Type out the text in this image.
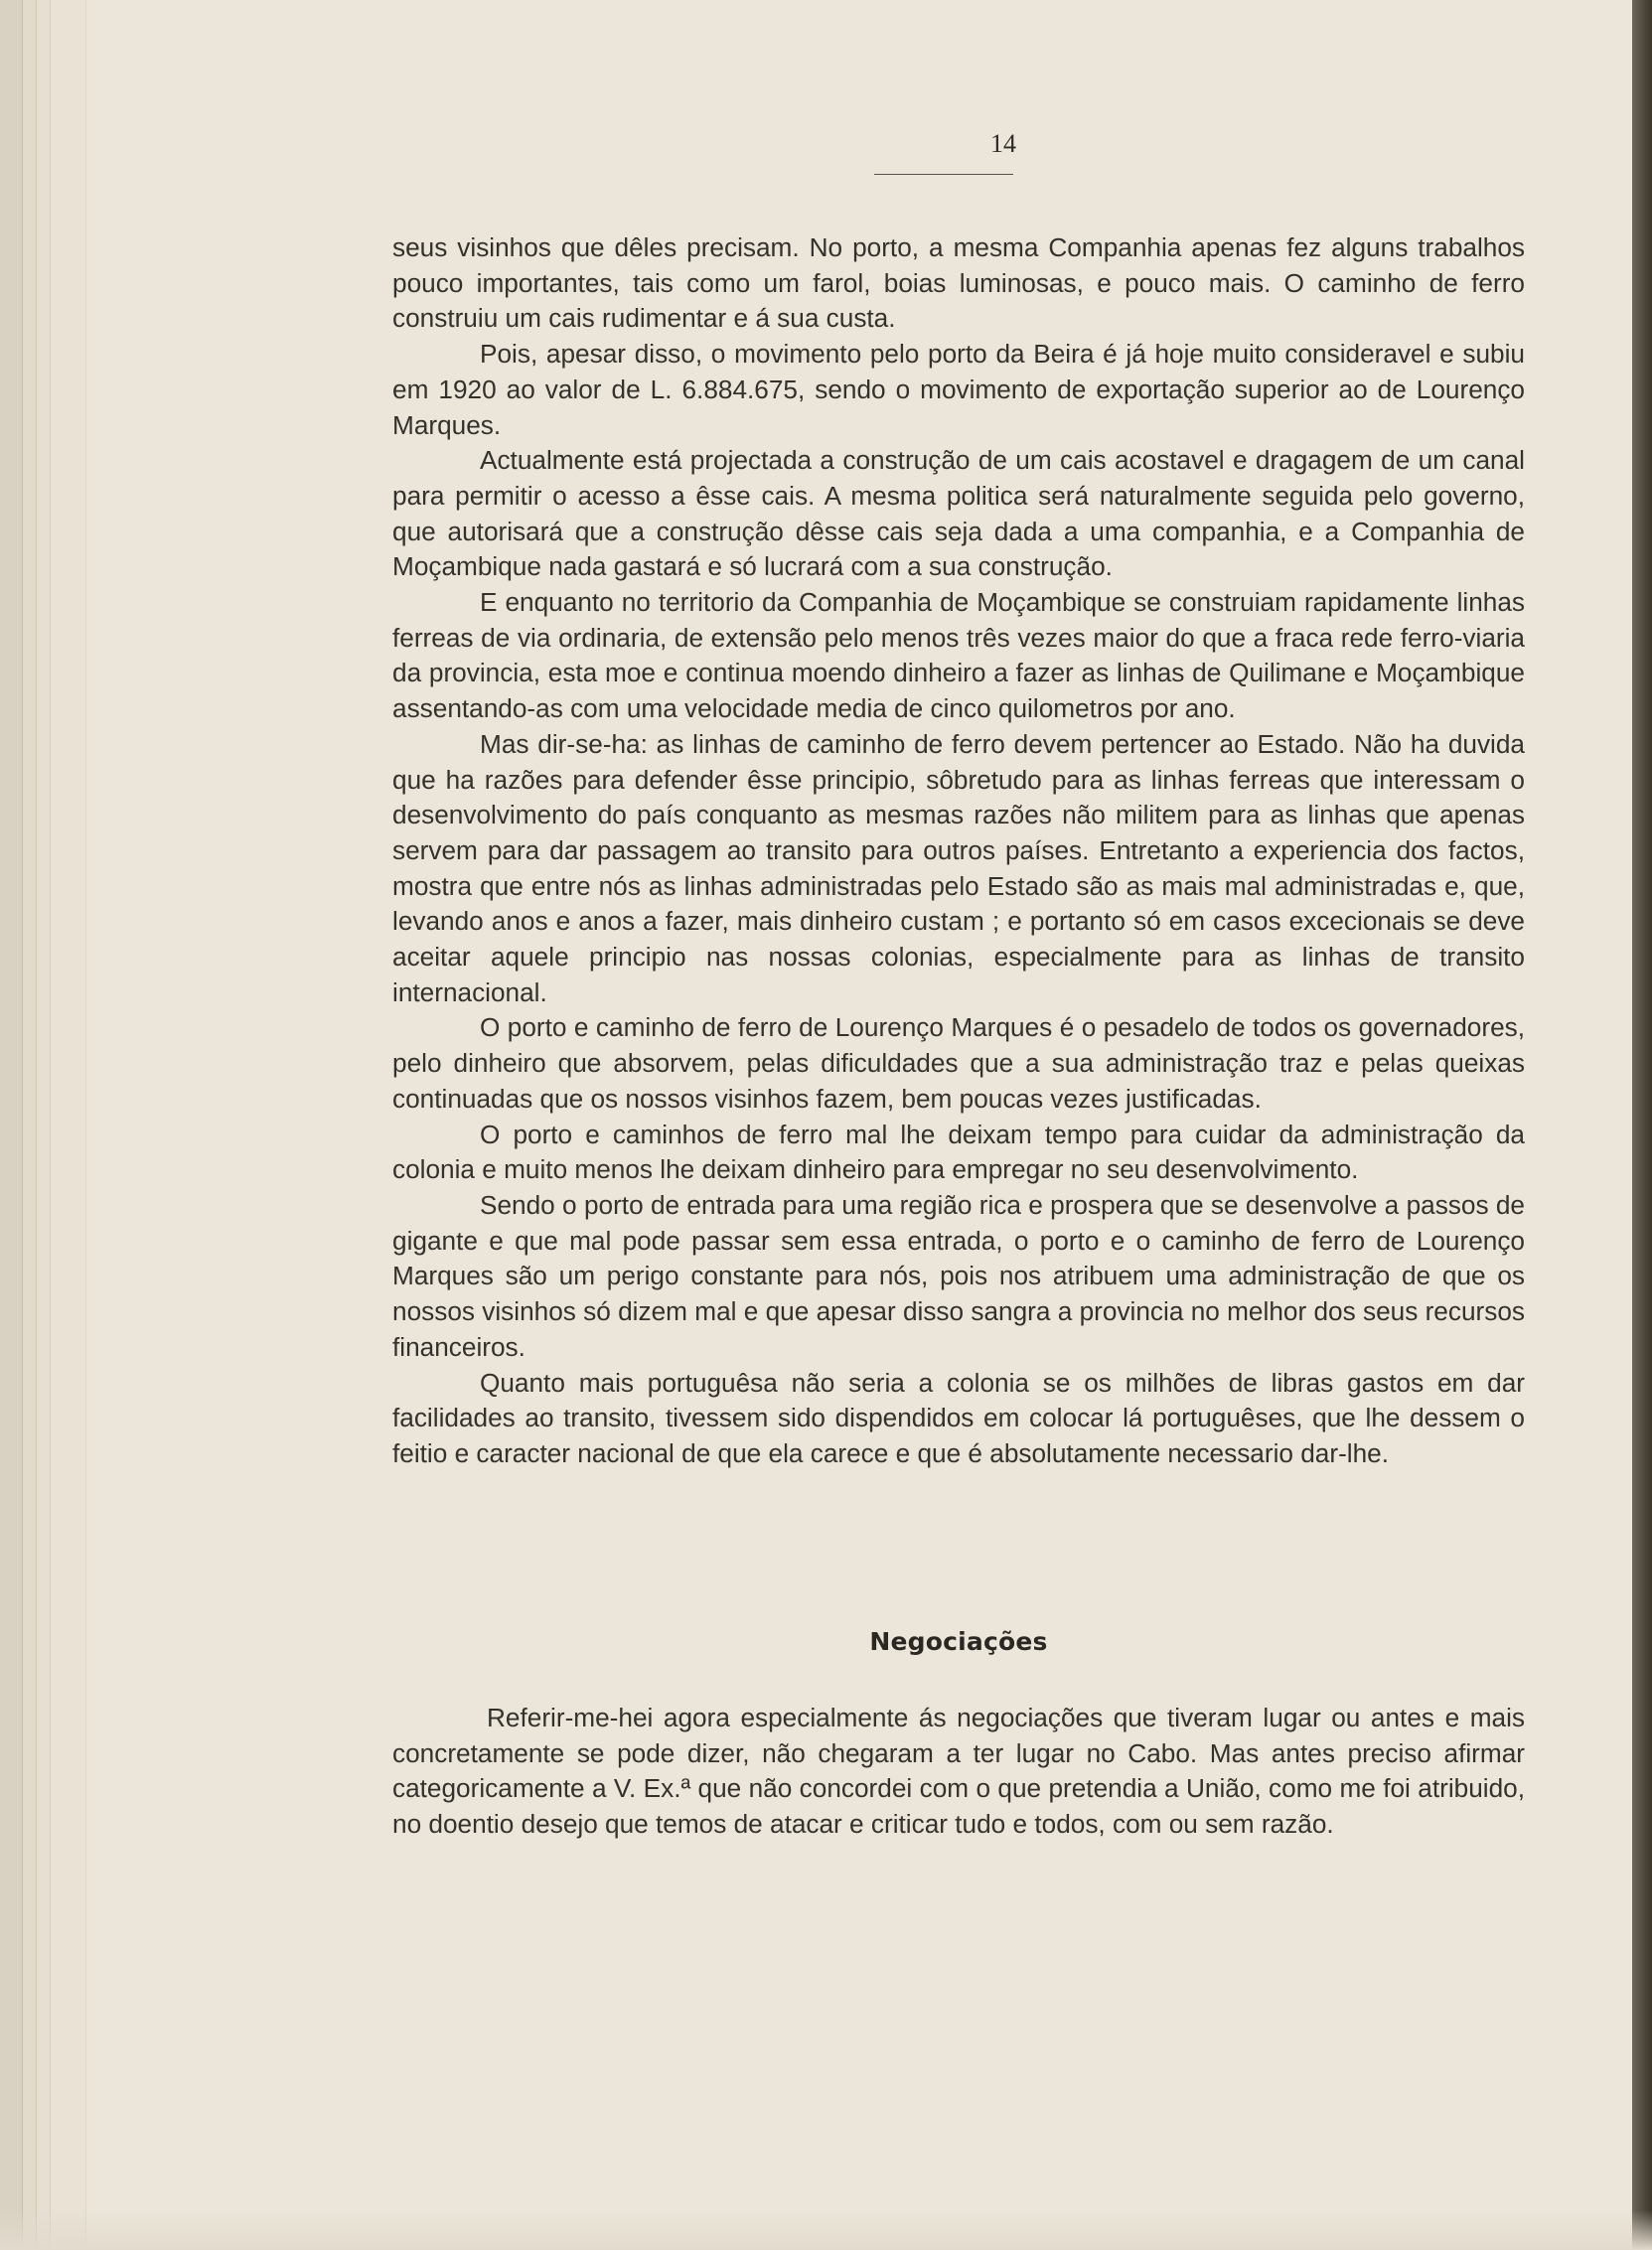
14

seus visinhos que dêles precisam. No porto, a mesma Companhia apenas fez alguns trabalhos pouco importantes, tais como um farol, boias luminosas, e pouco mais. O caminho de ferro construiu um cais rudimentar e á sua custa.

Pois, apesar disso, o movimento pelo porto da Beira é já hoje muito consideravel e subiu em 1920 ao valor de L. 6.884.675, sendo o movimento de exportação superior ao de Lourenço Marques.

Actualmente está projectada a construção de um cais acostavel e dragagem de um canal para permitir o acesso a êsse cais. A mesma politica será naturalmente seguida pelo governo, que autorisará que a construção dêsse cais seja dada a uma companhia, e a Companhia de Moçambique nada gastará e só lucrará com a sua construção.

E enquanto no territorio da Companhia de Moçambique se construiam rapidamente linhas ferreas de via ordinaria, de extensão pelo menos três vezes maior do que a fraca rede ferro-viaria da provincia, esta moe e continua moendo dinheiro a fazer as linhas de Quilimane e Moçambique assentando-as com uma velocidade media de cinco quilometros por ano.

Mas dir-se-ha: as linhas de caminho de ferro devem pertencer ao Estado. Não ha duvida que ha razões para defender êsse principio, sôbretudo para as linhas ferreas que interessam o desenvolvimento do país conquanto as mesmas razões não militem para as linhas que apenas servem para dar passagem ao transito para outros países. Entretanto a experiencia dos factos, mostra que entre nós as linhas administradas pelo Estado são as mais mal administradas e, que, levando anos e anos a fazer, mais dinheiro custam ; e portanto só em casos excecionais se deve aceitar aquele principio nas nossas colonias, especialmente para as linhas de transito internacional.

O porto e caminho de ferro de Lourenço Marques é o pesadelo de todos os governadores, pelo dinheiro que absorvem, pelas dificuldades que a sua administração traz e pelas queixas continuadas que os nossos visinhos fazem, bem poucas vezes justificadas.

O porto e caminhos de ferro mal lhe deixam tempo para cuidar da administração da colonia e muito menos lhe deixam dinheiro para empregar no seu desenvolvimento.

Sendo o porto de entrada para uma região rica e prospera que se desenvolve a passos de gigante e que mal pode passar sem essa entrada, o porto e o caminho de ferro de Lourenço Marques são um perigo constante para nós, pois nos atribuem uma administração de que os nossos visinhos só dizem mal e que apesar disso sangra a provincia no melhor dos seus recursos financeiros.

Quanto mais portuguêsa não seria a colonia se os milhões de libras gastos em dar facilidades ao transito, tivessem sido dispendidos em colocar lá portuguêses, que lhe dessem o feitio e caracter nacional de que ela carece e que é absolutamente necessario dar-lhe.

Negociações

Referir-me-hei agora especialmente ás negociações que tiveram lugar ou antes e mais concretamente se pode dizer, não chegaram a ter lugar no Cabo. Mas antes preciso afirmar categoricamente a V. Ex.ª que não concordei com o que pretendia a União, como me foi atribuido, no doentio desejo que temos de atacar e criticar tudo e todos, com ou sem razão.
